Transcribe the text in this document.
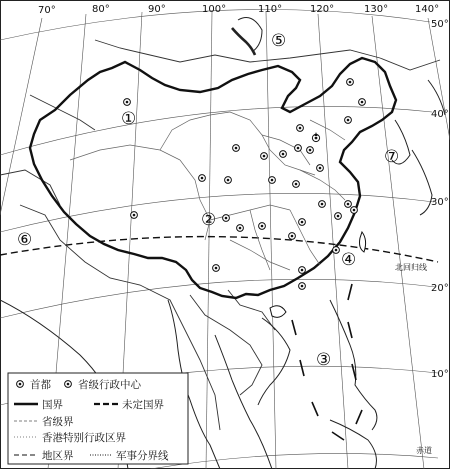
70°	80°	90°	100°	110°	120°	130°	140°
50°
40°
30°
20°
10°
北回归线
赤道
①
②
③
④
⑤
⑥
⑦
首都	省级行政中心
国界	未定国界
省级界
香港特别行政区界
地区界	军事分界线
